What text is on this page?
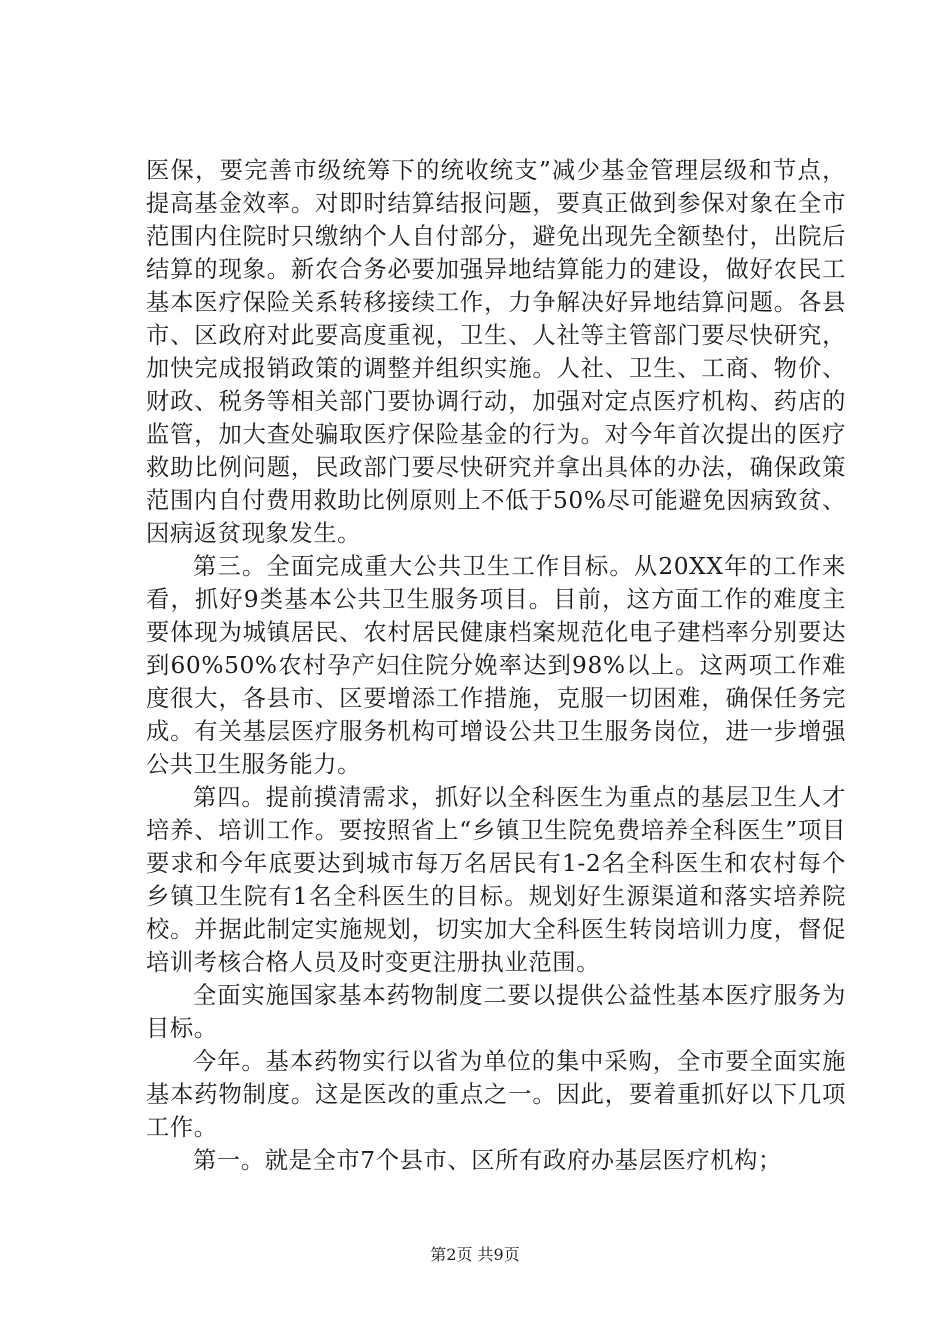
医保，要完善市级统筹下的统收统支”减少基金管理层级和节点，提高基金效率。对即时结算结报问题，要真正做到参保对象在全市范围内住院时只缴纳个人自付部分，避免出现先全额垫付，出院后结算的现象。新农合务必要加强异地结算能力的建设，做好农民工基本医疗保险关系转移接续工作，力争解决好异地结算问题。各县市、区政府对此要高度重视，卫生、人社等主管部门要尽快研究，加快完成报销政策的调整并组织实施。人社、卫生、工商、物价、财政、税务等相关部门要协调行动，加强对定点医疗机构、药店的监管，加大查处骗取医疗保险基金的行为。对今年首次提出的医疗救助比例问题，民政部门要尽快研究并拿出具体的办法，确保政策范围内自付费用救助比例原则上不低于50%尽可能避免因病致贫、因病返贫现象发生。

第三。全面完成重大公共卫生工作目标。从20XX年的工作来看，抓好9类基本公共卫生服务项目。目前，这方面工作的难度主要体现为城镇居民、农村居民健康档案规范化电子建档率分别要达到60%50%农村孕产妇住院分娩率达到98%以上。这两项工作难度很大，各县市、区要增添工作措施，克服一切困难，确保任务完成。有关基层医疗服务机构可增设公共卫生服务岗位，进一步增强公共卫生服务能力。

第四。提前摸清需求，抓好以全科医生为重点的基层卫生人才培养、培训工作。要按照省上“乡镇卫生院免费培养全科医生”项目要求和今年底要达到城市每万名居民有1-2名全科医生和农村每个乡镇卫生院有1名全科医生的目标。规划好生源渠道和落实培养院校。并据此制定实施规划，切实加大全科医生转岗培训力度，督促培训考核合格人员及时变更注册执业范围。

全面实施国家基本药物制度二要以提供公益性基本医疗服务为目标。

今年。基本药物实行以省为单位的集中采购，全市要全面实施基本药物制度。这是医改的重点之一。因此，要着重抓好以下几项工作。

第一。就是全市7个县市、区所有政府办基层医疗机构；

第2页 共9页
